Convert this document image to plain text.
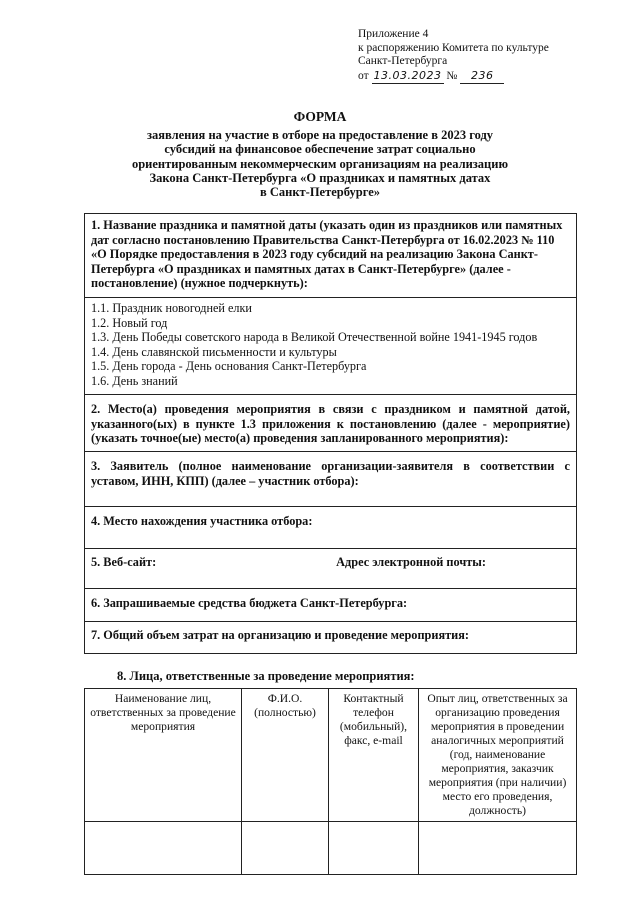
Приложение 4
к распоряжению Комитета по культуре
Санкт-Петербурга
от 13.03.2023 № 236
ФОРМА
заявления на участие в отборе на предоставление в 2023 году
субсидий на финансовое обеспечение затрат социально
ориентированным некоммерческим организациям на реализацию
Закона Санкт-Петербурга «О праздниках и памятных датах
в Санкт-Петербурге»
1. Название праздника и памятной даты (указать один из праздников или памятных дат согласно постановлению Правительства Санкт-Петербурга от 16.02.2023 № 110 «О Порядке предоставления в 2023 году субсидий на реализацию Закона Санкт-Петербурга «О праздниках и памятных датах в Санкт-Петербурге» (далее - постановление) (нужное подчеркнуть):
1.1. Праздник новогодней елки
1.2. Новый год
1.3. День Победы советского народа в Великой Отечественной войне 1941-1945 годов
1.4. День славянской письменности и культуры
1.5. День города - День основания Санкт-Петербурга
1.6. День знаний
2. Место(а) проведения мероприятия в связи с праздником и памятной датой, указанного(ых) в пункте 1.3 приложения к постановлению (далее - мероприятие) (указать точное(ые) место(а) проведения запланированного мероприятия):
3. Заявитель (полное наименование организации-заявителя в соответствии с уставом, ИНН, КПП) (далее – участник отбора):
4. Место нахождения участника отбора:
5. Веб-сайт:	Адрес электронной почты:
6. Запрашиваемые средства бюджета Санкт-Петербурга:
7. Общий объем затрат на организацию и проведение мероприятия:
8. Лица, ответственные за проведение мероприятия:
Наименование лиц, ответственных за проведение мероприятия	Ф.И.О. (полностью)	Контактный телефон (мобильный), факс, e-mail	Опыт лиц, ответственных за организацию проведения мероприятия в проведении аналогичных мероприятий (год, наименование мероприятия, заказчик мероприятия (при наличии) место его проведения, должность)
